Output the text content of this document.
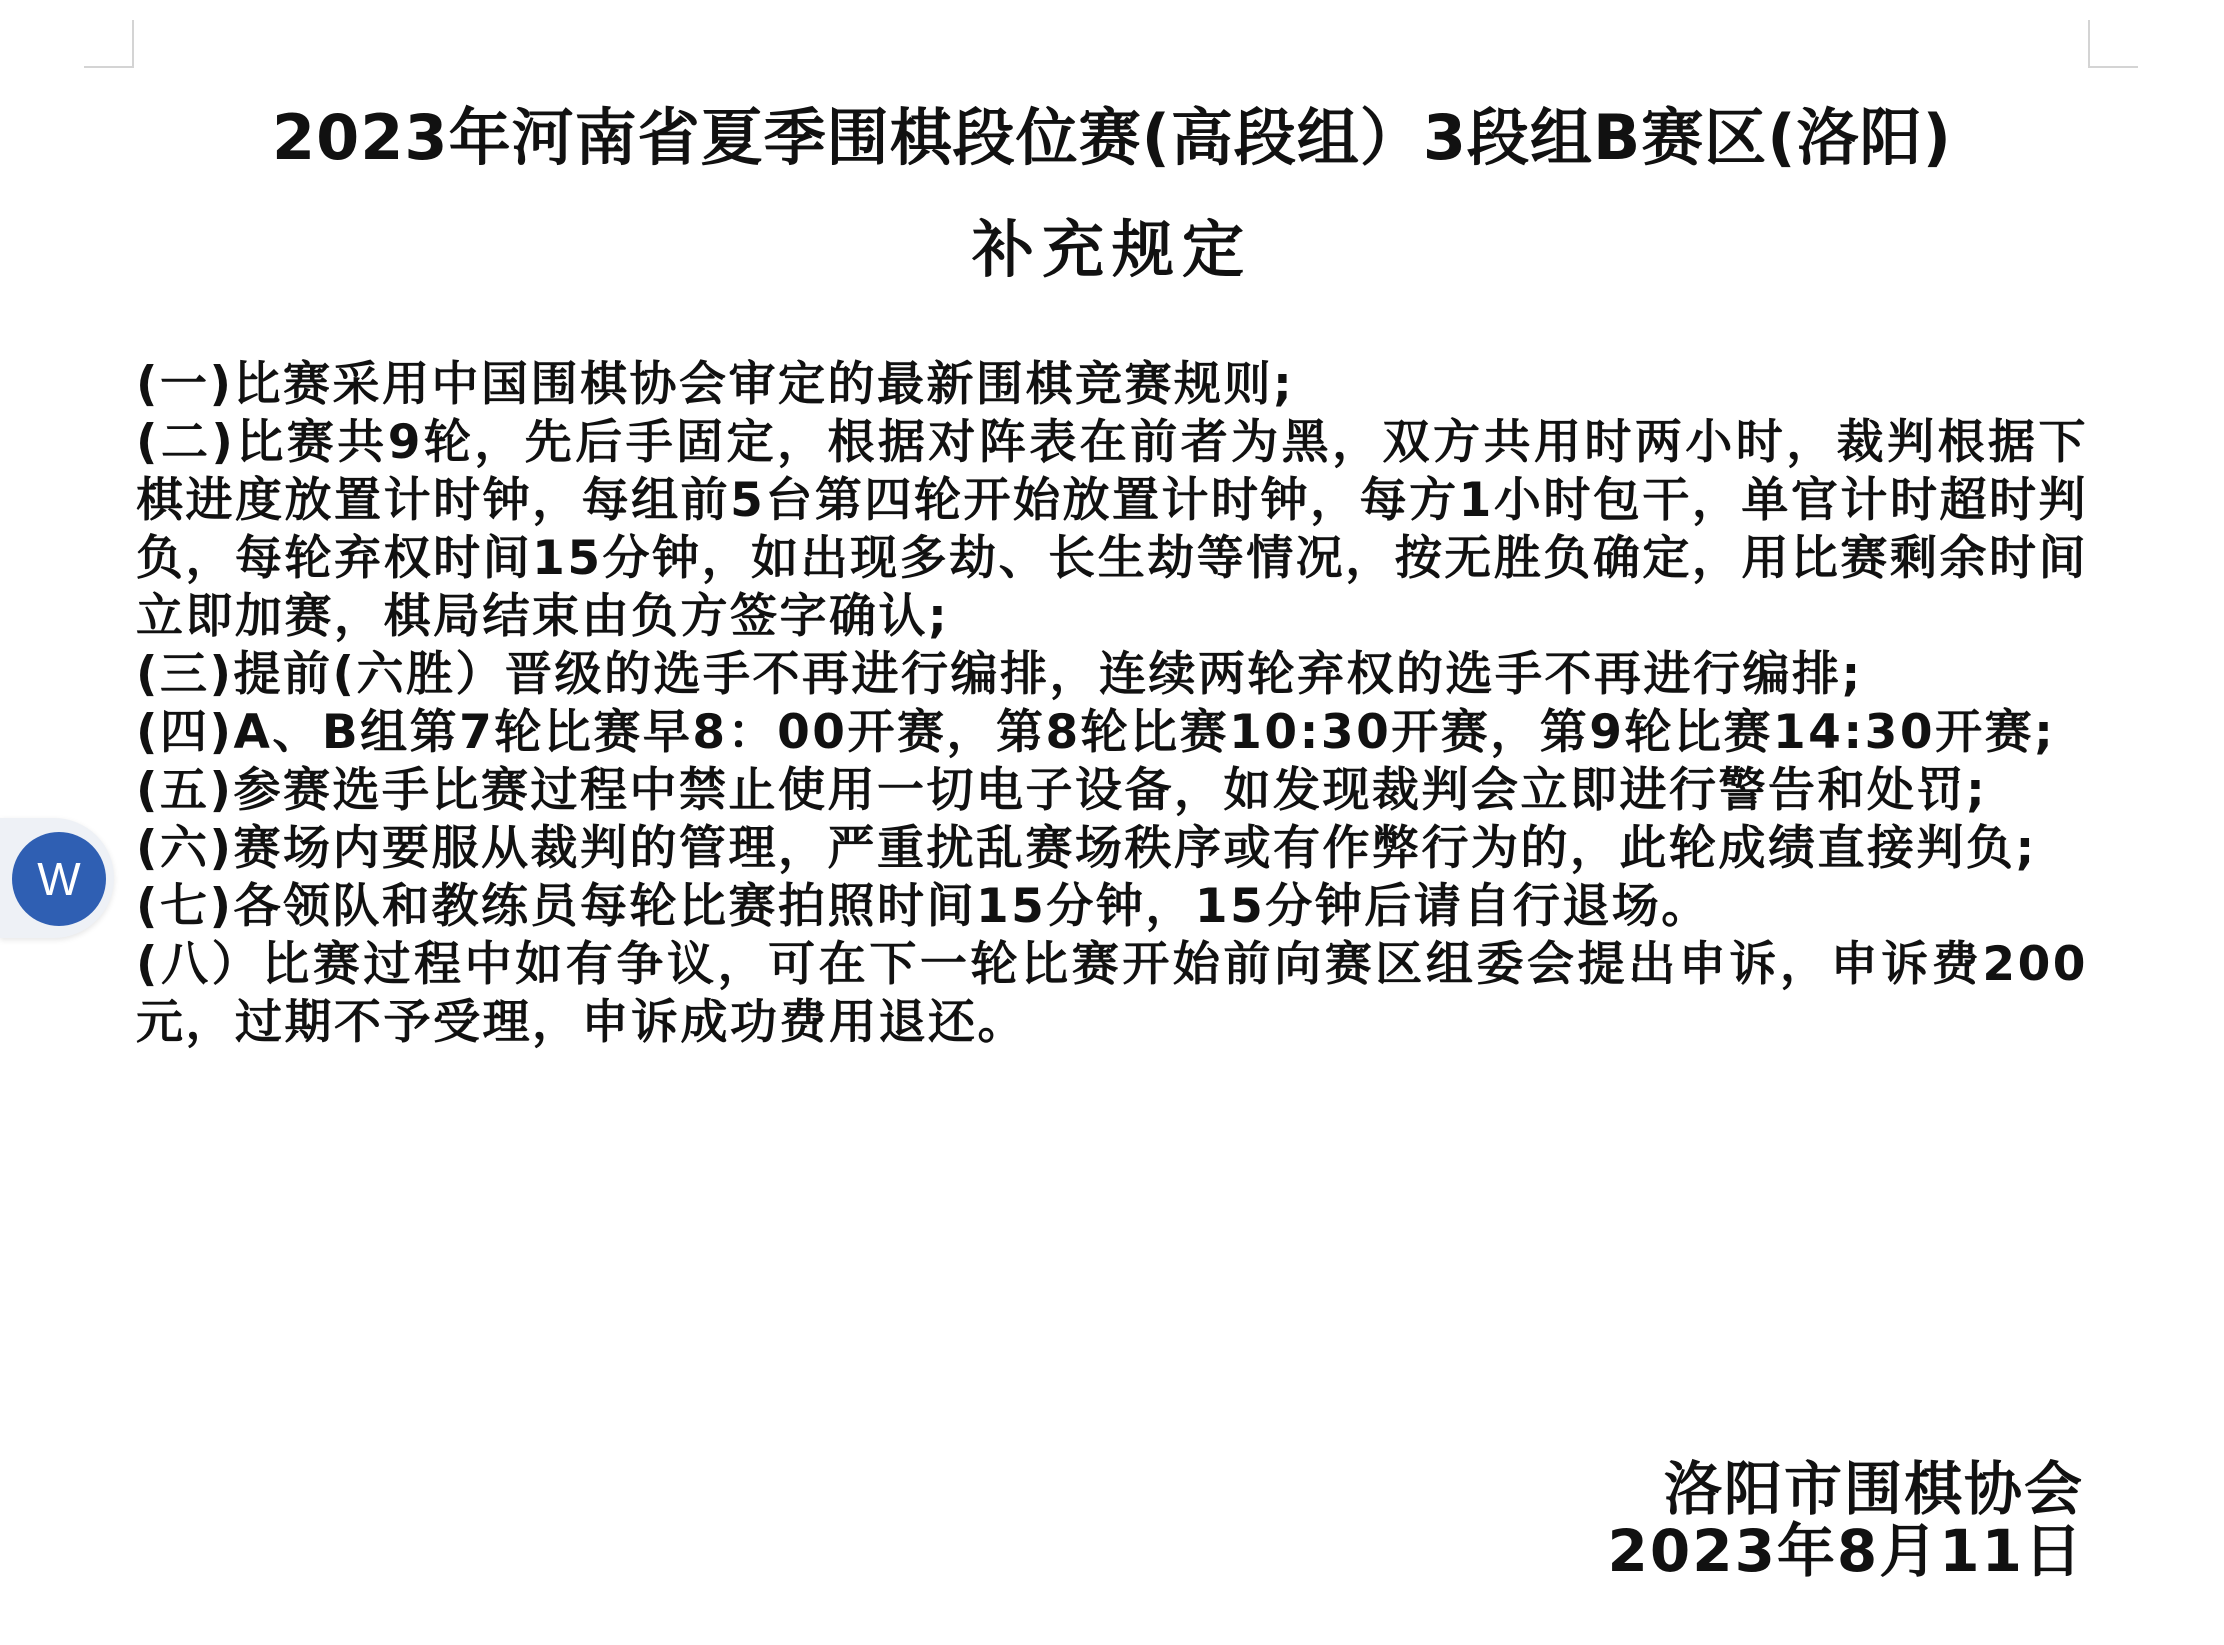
2023年河南省夏季围棋段位赛(高段组）3段组B赛区(洛阳)
补充规定
(一)比赛采用中国围棋协会审定的最新围棋竞赛规则;
(二)比赛共9轮，先后手固定，根据对阵表在前者为黑，双方共用时两小时，裁判根据下棋进度放置计时钟，每组前5台第四轮开始放置计时钟，每方1小时包干，单官计时超时判负，每轮弃权时间15分钟，如出现多劫、长生劫等情况，按无胜负确定，用比赛剩余时间立即加赛，棋局结束由负方签字确认;
(三)提前(六胜）晋级的选手不再进行编排，连续两轮弃权的选手不再进行编排;
(四)A、B组第7轮比赛早8：00开赛，第8轮比赛10:30开赛，第9轮比赛14:30开赛;
(五)参赛选手比赛过程中禁止使用一切电子设备，如发现裁判会立即进行警告和处罚;
(六)赛场内要服从裁判的管理，严重扰乱赛场秩序或有作弊行为的，此轮成绩直接判负;
(七)各领队和教练员每轮比赛拍照时间15分钟，15分钟后请自行退场。
(八）比赛过程中如有争议，可在下一轮比赛开始前向赛区组委会提出申诉，申诉费200元，过期不予受理，申诉成功费用退还。
洛阳市围棋协会
2023年8月11日
W
